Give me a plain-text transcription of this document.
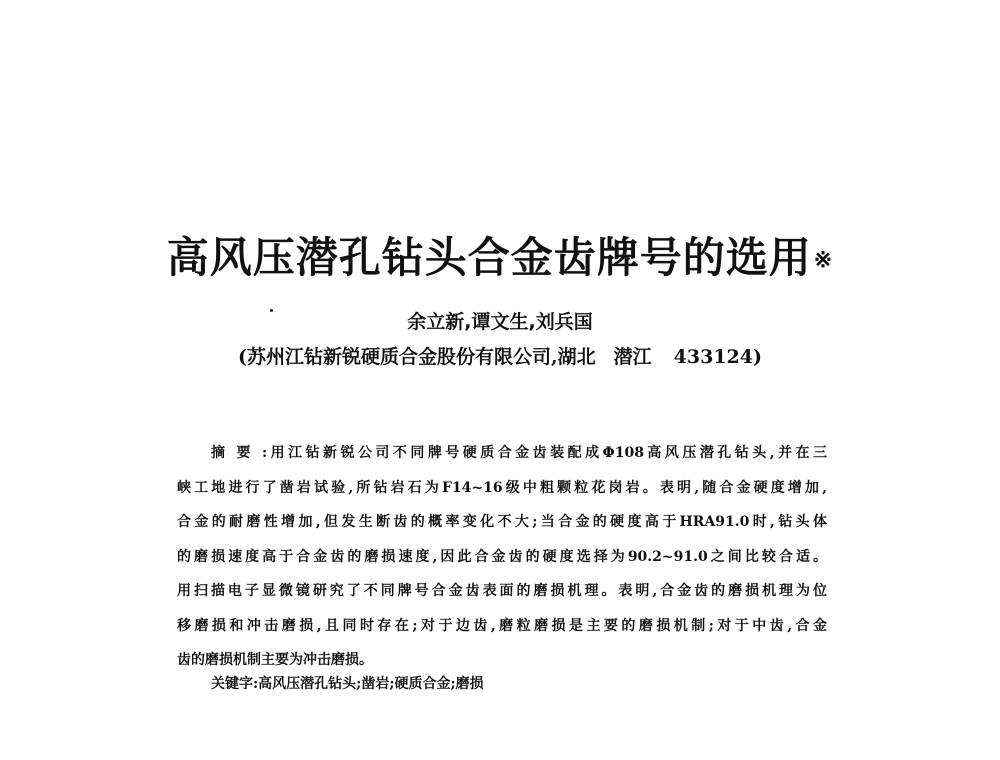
高风压潜孔钻头合金齿牌号的选用※
余立新,谭文生,刘兵国
(苏州江钻新锐硬质合金股份有限公司,湖北 潜江 433124)
摘要:用江钻新锐公司不同牌号硬质合金齿装配成Φ108高风压潜孔钻头,并在三
峡工地进行了凿岩试验,所钻岩石为F14~16级中粗颗粒花岗岩。表明,随合金硬度增加,
合金的耐磨性增加,但发生断齿的概率变化不大;当合金的硬度高于HRA91.0时,钻头体
的磨损速度高于合金齿的磨损速度,因此合金齿的硬度选择为90.2~91.0之间比较合适。
用扫描电子显微镜研究了不同牌号合金齿表面的磨损机理。表明,合金齿的磨损机理为位
移磨损和冲击磨损,且同时存在;对于边齿,磨粒磨损是主要的磨损机制;对于中齿,合金
齿的磨损机制主要为冲击磨损。
关键字:高风压潜孔钻头;凿岩;硬质合金;磨损
